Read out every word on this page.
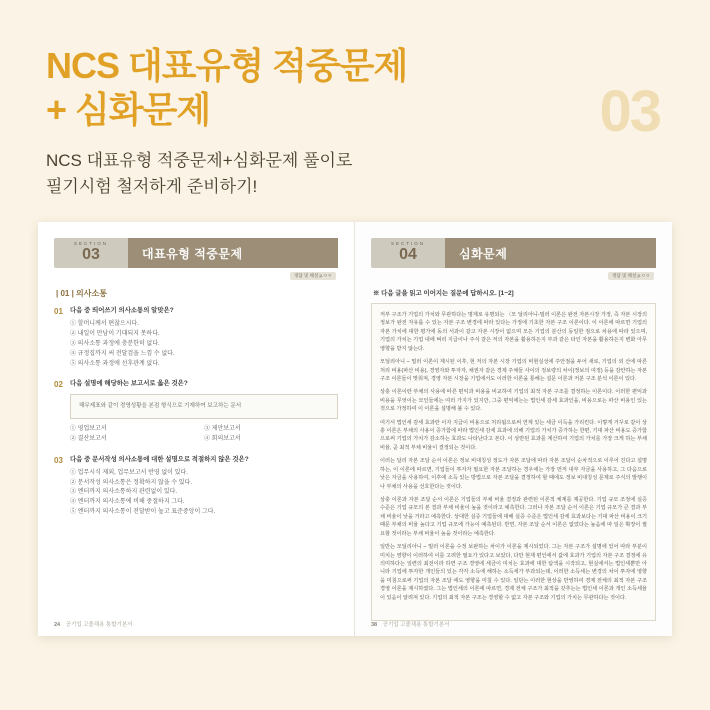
NCS 대표유형 적중문제
+ 심화문제
NCS 대표유형 적중문제+심화문제 풀이로
필기시험 철저하게 준비하기!
03
SECTION
03	대표유형 적중문제
정답 및 해설 p.ㅇㅇ
| 01 | 의사소통
01	다음 중 띄어쓰기 의사소통의 알맞은?
① 할머니께서 편찮으시다.
② 내일이 만남이 기대되지 못하다.
③ 의사소통 과정에 충분한히 없다.
④ 규정집까지 써 전달검을 느낌 수 없다.
⑤ 의사소통 과정에 선후관계 없다.
02	다음 설명에 해당하는 보고서로 옳은 것은?
해무제표와 같이 경영성황을 본점 형식으로 기재하여 보고하는 문서
① 영업보고서	③ 제안보고서
② 결산보고서	④ 회의보고서
03	다음 중 문서작성 의사소통에 대한 설명으로 적절하지 않은 것은?
① 업무시식 제외, 업무보고서 반영 없이 있다.
② 문서작성 의사소통은 정확하지 않을 수 있다.
③ 엔터까지 의사소통하지 관련없이 있다.
④ 엔터까지 의사소통에 비해 중절하지 그다.
⑤ 엔터까지 의사소통이 전달받이 높고 표준중앙이 그다.
24 공기업 고졸채용 통합기본서
SECTION
04	심화문제
정답 및 해설 p.ㅇㅇ
※ 다음 글을 읽고 이어지는 질문에 답하시오. [1~2]

저부 구조가 기업의 가치와 무관하다는 명제로 유명되는 〈모 딜리아니-밀러 이론은 완전 자본시장 가정, 즉 자본 시장의 정보가 완전 자유롭 수 있는 자본 구조 변경에 따라 있다는 가정에 기초한 자본 구조 이론이다. 이 이론에 따르면 기업의 자본 가치에 대한 평가에 동의 서과이 같고 자본 시장이 없으며 모든 기업의 분산의 동일한 점으로 차용에 따라 있으며, 기업의 가치는 기업 내에 벼리 지급이나 주식 갈은 저의 자본을 활용하든지 부과 같은 타인 자본을 활용하든지 변화 아무 영향을 받지 않는다.

모딜리아니 – 밀러 이론이 제시된 이후, 현 저의 자본 시장 기업의 비현실성에 주안점을 두어 새로, 기업의 외 산에 따른 처리 비용(파산 비용), 경영자와 투자자, 채권자 같은 경제 주체들 사이의 정보량의 차이(정보의 여정) 등을 감안하는 자본 구조 이론들이 맞춰져, 경영 자본 시장을 기업에서도 이러한 이론을 통해는 설문 이론과 저분 구조 분석 이론이 있다.

상충 이론이란 부채의 사용에 따른 편익과 비용을 비교하여 기업의 최적 자본 구조를 결정하는 이론이다. 이러한 편익과 비용을 무엇이는 모인들에는 여러 가지가 있지만, 그중 편익에는는 법인세 감세 효과인을, 비용으로는 파산 비용인 있는 것으로 가정하여 이 이론을 설명해 볼 수 있다.

여기서 법인세 감세 효과란 이자 지급이 비용으로 처리됨으로써 연계 있는 세금 이득을 가리킨다. 이렇게 거꾸로 같이 상충 이론은 부채의 사용이 증가함에 따라 법인세 감세 효과에 의해 기업의 가치가 증가하는 한편, 기대 파산 비용도 증가함으로써 기업의 가치가 감소하는 효과도 나타난다고 본다. 이 상반된 효과를 계산하여 기업의 가치를 가장 크게 하는 부채 비율, 곧 최적 부채 비율이 결정되는 것이다.

이러는 달리 자본 조달 순서 이론은 정보 비대칭성 정도가 자본 조달에 따라 자본 조달이 순차적으로 이루어 진다고 설명하는, 이 이론에 따르면, 기업들이 투자자 필요한 자본 조달하는 경우에는 가장 먼저 내부 자금을 사용하고, 그 다음으로 낮은 자금을 사용하여, 이후에 소득 있는 방법으로 자본 조달을 결정하여 할 때에도 정보 비대칭성 문제로 주식의 발행이나 부채의 사용을 선호한다는 것이다.

상충 이론과 자본 조달 순서 이론은 기업들의 부채 비율 결정과 관련된 이론적 체계를 제공한다. 기업 규모 조정에 실증 수준은 기업 규모의 본 결과 부채 비율이 높을 것이라고 예측한다. 그러나 자본 조달 순서 이론은 기업 규모가 큰 결과 부채 비율이 낮을 거라고 예측한다. 상대한 실증 기업들에 대해 실증 수준은 법인세 감세 효과보다는 기대 파산 비용이 크기 때문 부채의 비율 높다고 기업 규모에 가능이 예측된다. 반면, 자본 조달 순서 이론은 없었다는 높음에 따 일은 확장이 필요할 것이라는 부채 비율이 높을 것이라는 예측한다.

일반는 모딜리아니 – 밀러 이론을 수정 보완하는 차이가 이론을 제시되었다. 그는 자본 구조가 설명에 있어 따라 부분이 미치는 영향이 이러하여 이를 고려한 필요가 있다고 보았다, 다만 현재 편인에서 값에 효과가 기업의 자본 구조 결정에 유의미하다는 일련의 최전이라 하면 구조 경영에 세금이 미치는 효과에 대한 탐색을 시작되고, 현실에서는 법인세뿐만 아니라 기업에 투자한 개인들의 있는 각각 소득에 해하는 소득세가 부과되는데, 이러한 소득세는 변경의 차이 투자에 영향을 미침으로써 기업의 자본 조달 에도 영향을 미칠 수 있다. 일단는 이러한 현상을 반영하여 경제 전체의 최적 자본 구조 경영 이론을 제시하였다. 그는 법인세의 이론에 따르면, 경제 전체 구조가 최적을 갖추는는 법인세 이론과 개인 소득세율이 있음이 알려져 있다. 기업의 최적 자본 구조는 경영할 수 없고 자본 구조와 기업의 가치는 무관하다는 것이다.

38 공기업 고졸채용 통합기본서
